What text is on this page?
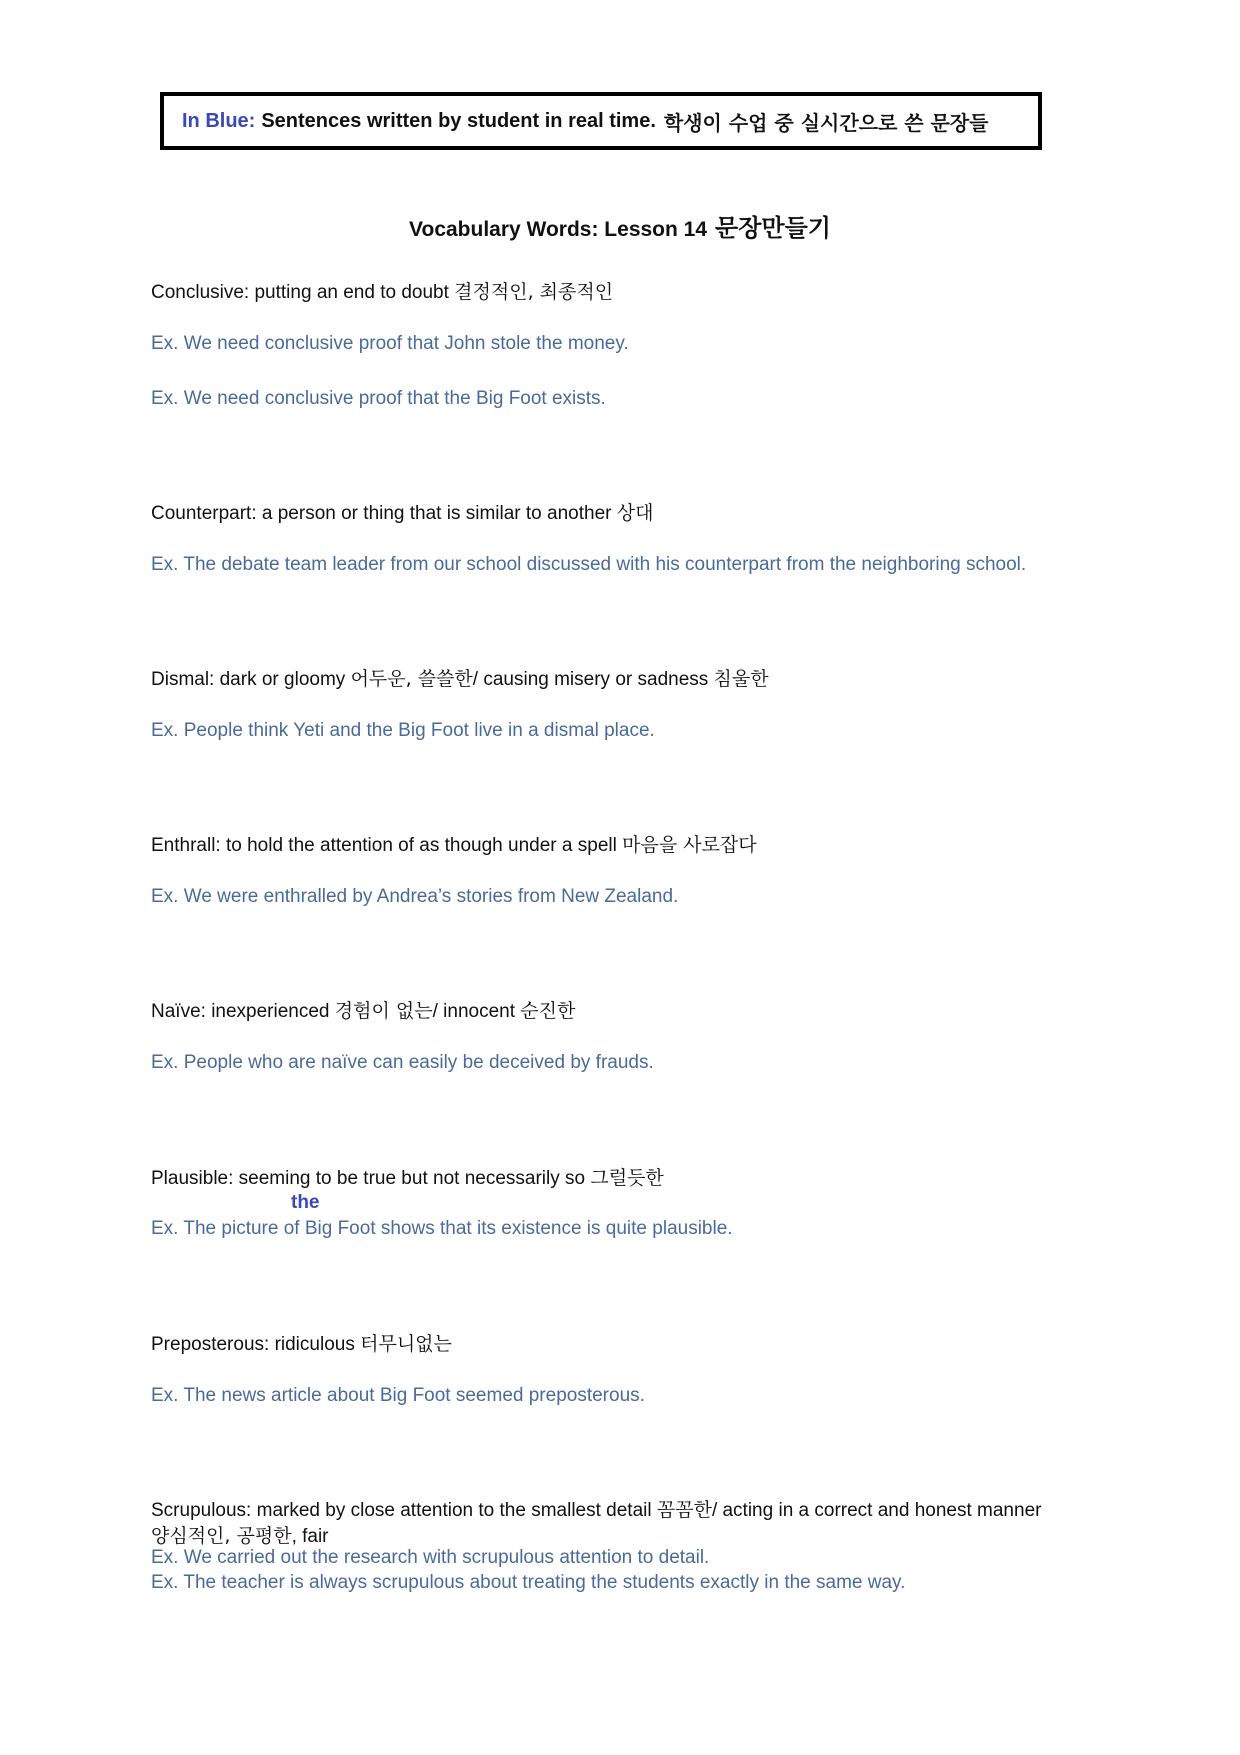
In Blue: Sentences written by student in real time. 학생이 수업 중 실시간으로 쓴 문장들
Vocabulary Words: Lesson 14 문장만들기
Conclusive: putting an end to doubt 결정적인, 최종적인
Ex. We need conclusive proof that John stole the money.
Ex. We need conclusive proof that the Big Foot exists.
Counterpart: a person or thing that is similar to another 상대
Ex. The debate team leader from our school discussed with his counterpart from the neighboring school.
Dismal: dark or gloomy 어두운, 쓸쓸한/ causing misery or sadness 침울한
Ex. People think Yeti and the Big Foot live in a dismal place.
Enthrall: to hold the attention of as though under a spell 마음을 사로잡다
Ex. We were enthralled by Andrea’s stories from New Zealand.
Naïve: inexperienced 경험이 없는/ innocent 순진한
Ex. People who are naïve can easily be deceived by frauds.
Plausible: seeming to be true but not necessarily so 그럴듯한
the
Ex. The picture of Big Foot shows that its existence is quite plausible.
Preposterous: ridiculous 터무니없는
Ex. The news article about Big Foot seemed preposterous.
Scrupulous: marked by close attention to the smallest detail 꼼꼼한/ acting in a correct and honest manner
양심적인, 공평한, fair
Ex. We carried out the research with scrupulous attention to detail.
Ex. The teacher is always scrupulous about treating the students exactly in the same way.
